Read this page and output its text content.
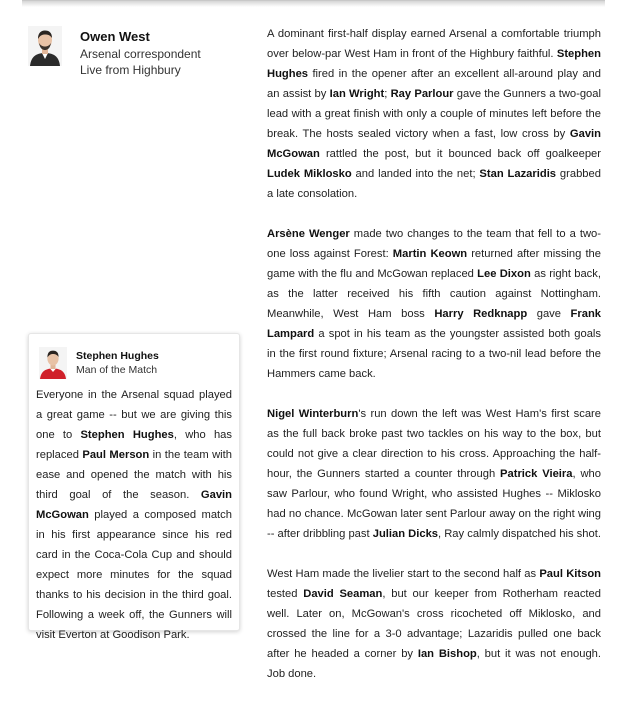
Owen West
Arsenal correspondent
Live from Highbury

A dominant first-half display earned Arsenal a comfortable triumph over below-par West Ham in front of the Highbury faithful. Stephen Hughes fired in the opener after an excellent all-around play and an assist by Ian Wright; Ray Parlour gave the Gunners a two-goal lead with a great finish with only a couple of minutes left before the break. The hosts sealed victory when a fast, low cross by Gavin McGowan rattled the post, but it bounced back off goalkeeper Ludek Miklosko and landed into the net; Stan Lazaridis grabbed a late consolation.

Arsène Wenger made two changes to the team that fell to a two-one loss against Forest: Martin Keown returned after missing the game with the flu and McGowan replaced Lee Dixon as right back, as the latter received his fifth caution against Nottingham. Meanwhile, West Ham boss Harry Redknapp gave Frank Lampard a spot in his team as the youngster assisted both goals in the first round fixture; Arsenal racing to a two-nil lead before the Hammers came back.

Nigel Winterburn's run down the left was West Ham's first scare as the full back broke past two tackles on his way to the box, but could not give a clear direction to his cross. Approaching the half-hour, the Gunners started a counter through Patrick Vieira, who saw Parlour, who found Wright, who assisted Hughes -- Miklosko had no chance. McGowan later sent Parlour away on the right wing -- after dribbling past Julian Dicks, Ray calmly dispatched his shot.

West Ham made the livelier start to the second half as Paul Kitson tested David Seaman, but our keeper from Rotherham reacted well. Later on, McGowan's cross ricocheted off Miklosko, and crossed the line for a 3-0 advantage; Lazaridis pulled one back after he headed a corner by Ian Bishop, but it was not enough. Job done.

Stephen Hughes
Man of the Match
Everyone in the Arsenal squad played a great game -- but we are giving this one to Stephen Hughes, who has replaced Paul Merson in the team with ease and opened the match with his third goal of the season. Gavin McGowan played a composed match in his first appearance since his red card in the Coca-Cola Cup and should expect more minutes for the squad thanks to his decision in the third goal. Following a week off, the Gunners will visit Everton at Goodison Park.
